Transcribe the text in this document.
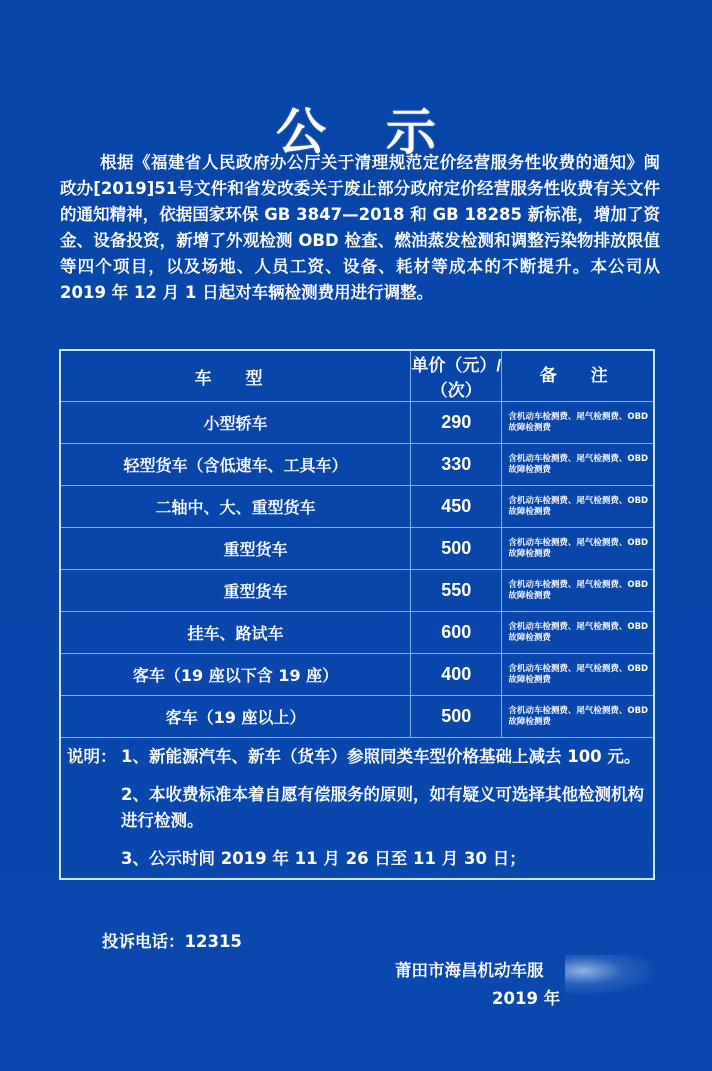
公示
根据《福建省人民政府办公厅关于清理规范定价经营服务性收费的通知》闽政办[2019]51号文件和省发改委关于废止部分政府定价经营服务性收费有关文件的通知精神，依据国家环保 GB 3847—2018 和 GB 18285 新标准，增加了资金、设备投资，新增了外观检测 OBD 检查、燃油蒸发检测和调整污染物排放限值等四个项目，以及场地、人员工资、设备、耗材等成本的不断提升。本公司从 2019 年 12 月 1 日起对车辆检测费用进行调整。
车 型	单价（元）/（次）	备 注
小型轿车	290	含机动车检测费、尾气检测费、OBD 故障检测费
轻型货车（含低速车、工具车）	330	含机动车检测费、尾气检测费、OBD 故障检测费
二轴中、大、重型货车	450	含机动车检测费、尾气检测费、OBD 故障检测费
重型货车	500	含机动车检测费、尾气检测费、OBD 故障检测费
重型货车	550	含机动车检测费、尾气检测费、OBD 故障检测费
挂车、路试车	600	含机动车检测费、尾气检测费、OBD 故障检测费
客车（19 座以下含 19 座）	400	含机动车检测费、尾气检测费、OBD 故障检测费
客车（19 座以上）	500	含机动车检测费、尾气检测费、OBD 故障检测费

说明： 1、新能源汽车、新车（货车）参照同类车型价格基础上减去 100 元。
2、本收费标准本着自愿有偿服务的原则，如有疑义可选择其他检测机构进行检测。
3、公示时间 2019 年 11 月 26 日至 11 月 30 日；		
投诉电话：12315
莆田市海昌机动车服
2019 年
